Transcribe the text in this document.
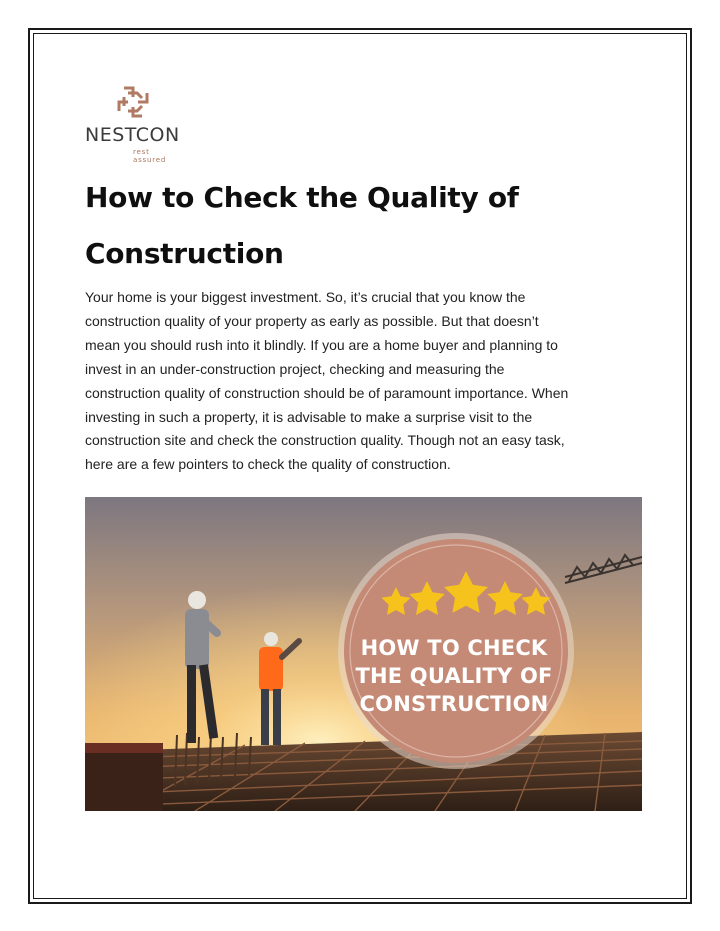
NESTCON
rest assured
How to Check the Quality of
Construction
Your home is your biggest investment. So, it’s crucial that you know the
construction quality of your property as early as possible. But that doesn’t
mean you should rush into it blindly. If you are a home buyer and planning to
invest in an under-construction project, checking and measuring the
construction quality of construction should be of paramount importance. When
investing in such a property, it is advisable to make a surprise visit to the
construction site and check the construction quality. Though not an easy task,
here are a few pointers to check the quality of construction.
HOW TO CHECK
THE QUALITY OF
CONSTRUCTION
